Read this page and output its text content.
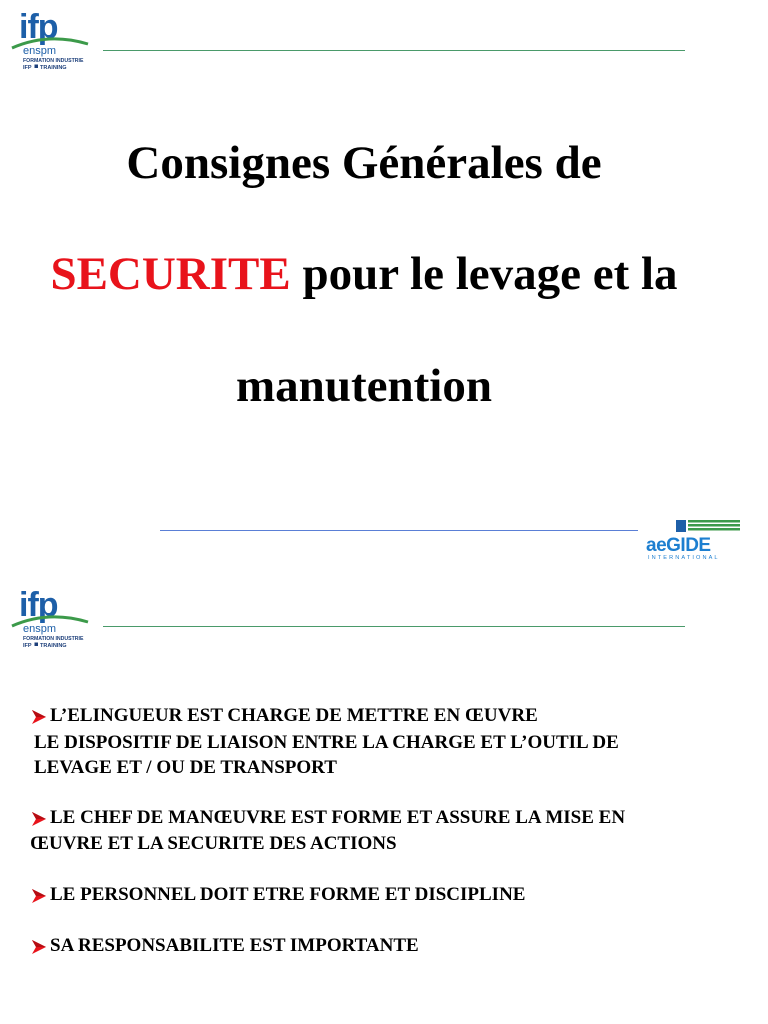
ifp
enspm
FORMATION INDUSTRIE
IFP TRAINING
Consignes Générales de
SECURITE pour le levage et la
manutention
aeGIDE
INTERNATIONAL
ifp
enspm
FORMATION INDUSTRIE
IFP TRAINING
L’ELINGUEUR EST CHARGE DE METTRE EN ŒUVRE
LE DISPOSITIF DE LIAISON ENTRE LA CHARGE ET L’OUTIL DE
LEVAGE ET / OU DE TRANSPORT
LE CHEF DE MANŒUVRE EST FORME ET ASSURE LA MISE EN
ŒUVRE ET LA SECURITE DES ACTIONS
LE PERSONNEL DOIT ETRE FORME ET DISCIPLINE
SA RESPONSABILITE EST IMPORTANTE
